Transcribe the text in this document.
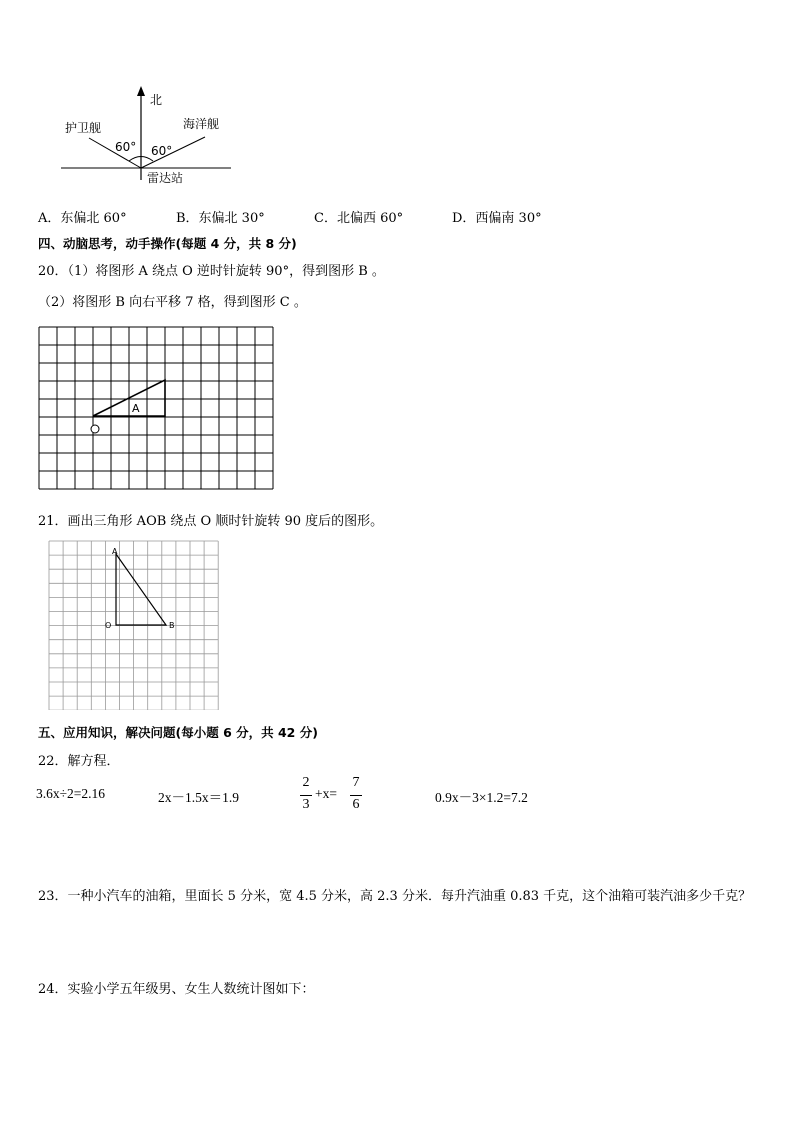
北
护卫舰	海洋舰
60° 60°
雷达站
A．东偏北 60°	B．东偏北 30°	C．北偏西 60°	D．西偏南 30°
四、动脑思考，动手操作(每题 4 分，共 8 分)
20．（1）将图形 A 绕点 O 逆时针旋转 90°，得到图形 B 。
（2）将图形 B 向右平移 7 格，得到图形 C 。
A
21．画出三角形 AOB 绕点 O 顺时针旋转 90 度后的图形。
A
O	B
五、应用知识，解决问题(每小题 6 分，共 42 分)
22．解方程．
3.6x÷2=2.16	2x－1.5x＝1.9
2
3
+x=
7
6	0.9x－3×1.2=7.2
23．一种小汽车的油箱，里面长 5 分米，宽 4.5 分米，高 2.3 分米．每升汽油重 0.83 千克，这个油箱可装汽油多少千克？
24．实验小学五年级男、女生人数统计图如下：
